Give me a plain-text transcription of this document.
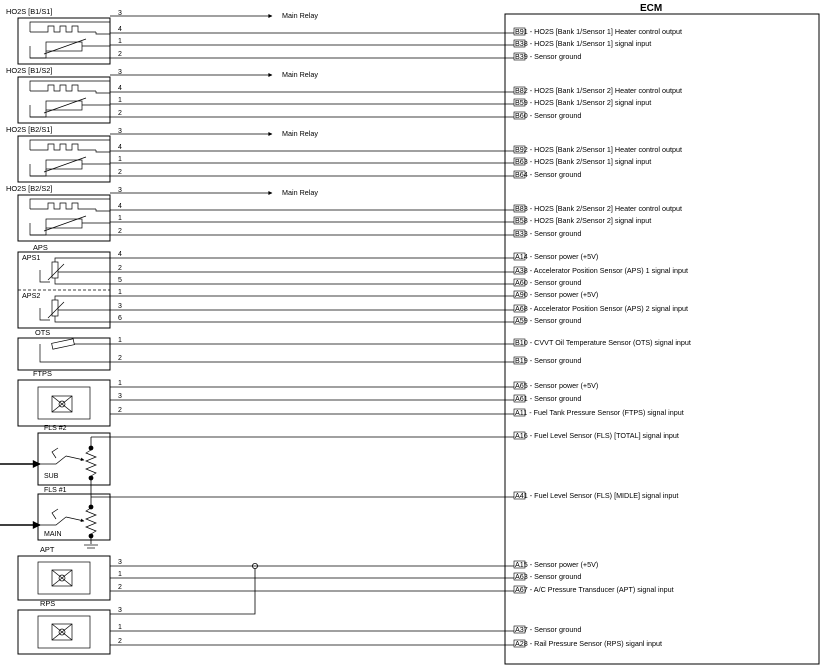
ECM
HO2S [B1/S1]	Main Relay
3
HO2S [B1/S2]	Main Relay
3
HO2S [B2/S1]	Main Relay
3
HO2S [B2/S2]	Main Relay
3
APS
APS1
APS2
OTS
FTPS
FLS #2
SUB
FLS #1
MAIN
APT
RPS
3
4
1
2
4
1
2
4
1
2
4
1
2
4
2
5
1
3
6
1
2
1
3
2
3
1
2
1
2
B91 - HO2S [Bank 1/Sensor 1] Heater control output
B38 - HO2S [Bank 1/Sensor 1] signal input
B39 - Sensor ground
B82 - HO2S [Bank 1/Sensor 2] Heater control output
B59 - HO2S [Bank 1/Sensor 2] signal input
B60 - Sensor ground
B92 - HO2S [Bank 2/Sensor 1] Heater control output
B63 - HO2S [Bank 2/Sensor 1] signal input
B64 - Sensor ground
B83 - HO2S [Bank 2/Sensor 2] Heater control output
B58 - HO2S [Bank 2/Sensor 2] signal input
B33 - Sensor ground
A14 - Sensor power (+5V)
A38 - Accelerator Position Sensor (APS) 1 signal input
A60 - Sensor ground
A90 - Sensor power (+5V)
A68 - Accelerator Position Sensor (APS) 2 signal input
A59 - Sensor ground
B10 - CVVT Oil Temperature Sensor (OTS) signal input
B19 - Sensor ground
A65 - Sensor power (+5V)
A61 - Sensor ground
A11 - Fuel Tank Pressure Sensor (FTPS) signal input
A16 - Fuel Level Sensor (FLS) [TOTAL] signal input
A41 - Fuel Level Sensor (FLS) [MIDLE] signal input
A15 - Sensor power (+5V)
A63 - Sensor ground
A67 - A/C Pressure Transducer (APT) signal input
A37 - Sensor ground
A28 - Rail Pressure Sensor (RPS) siganl input
